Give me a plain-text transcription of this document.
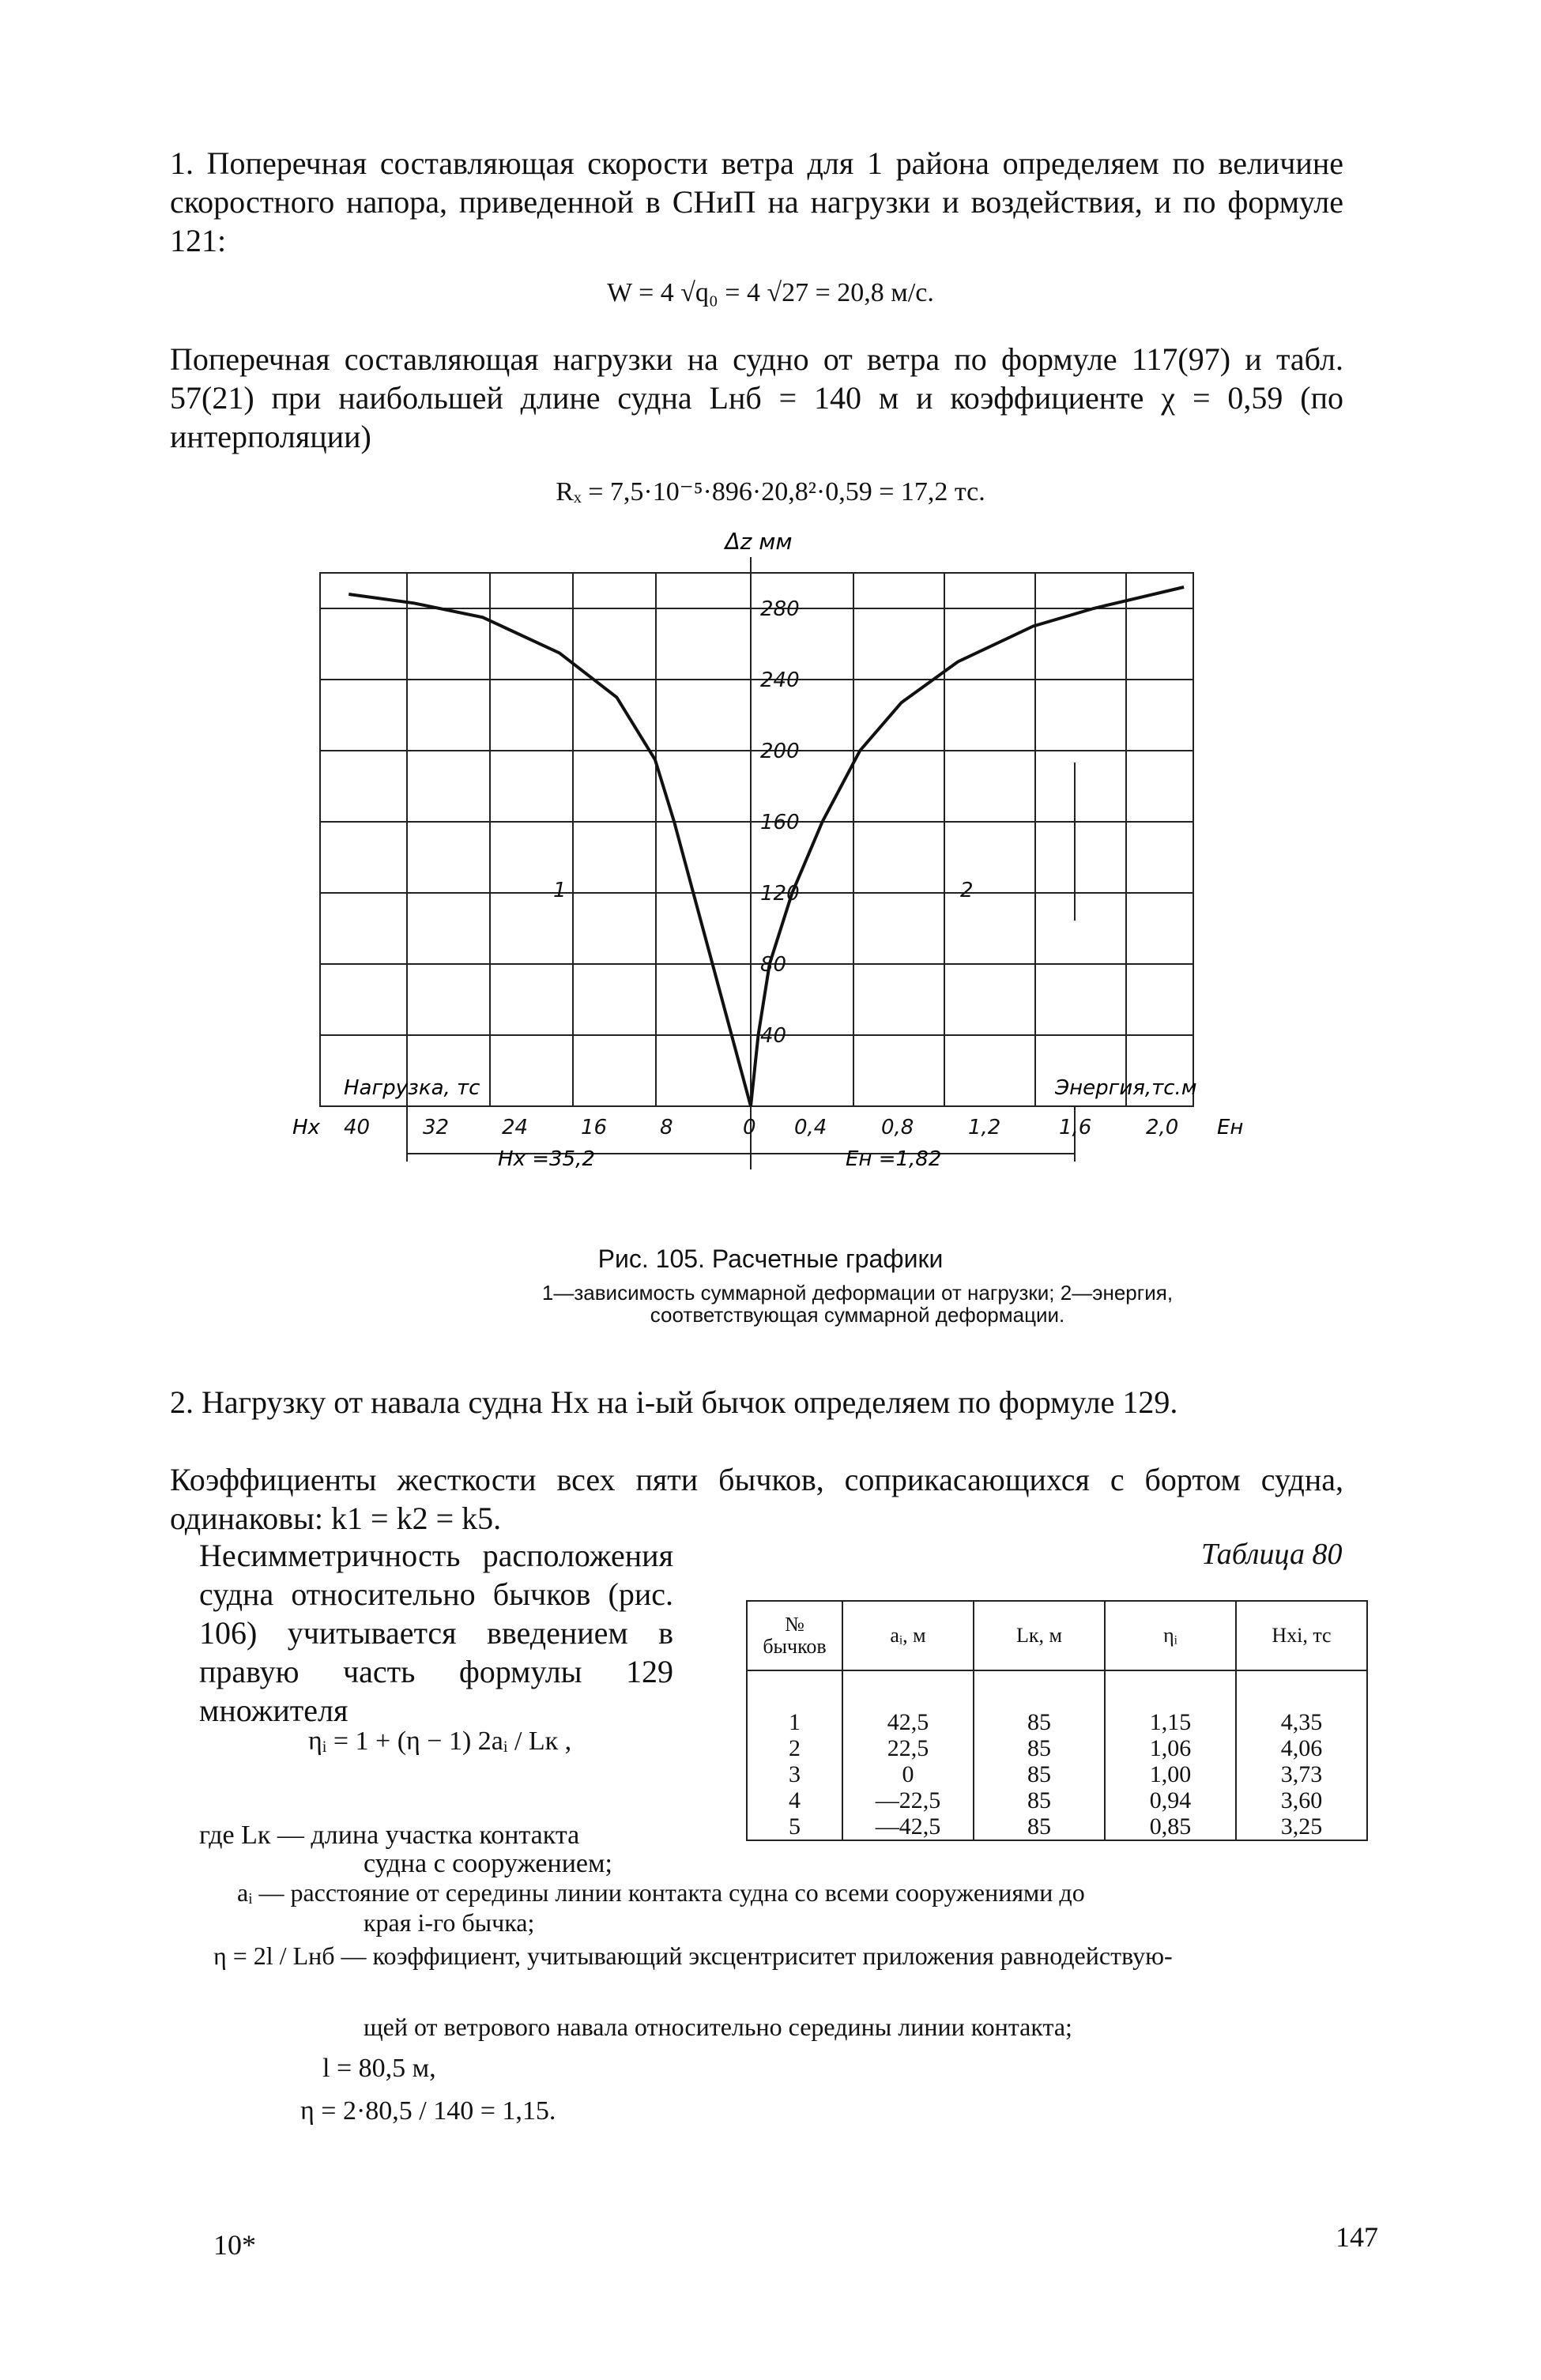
1. Поперечная составляющая скорости ветра для 1 района определяем по величине скоростного напора, приведенной в СНиП на нагрузки и воздействия, и по формуле 121:
W = 4 √q₀ = 4 √27 = 20,8 м/с.
Поперечная составляющая нагрузки на судно от ветра по формуле 117(97) и табл. 57(21) при наибольшей длине судна Lнб = 140 м и коэффициенте χ = 0,59 (по интерполяции)
Rₓ = 7,5·10⁻⁵·896·20,8²·0,59 = 17,2 тс.
1	2
280
240
200
160
120
80
40
40	32	24	16	8	0 0,4	0,8	1,2	1,6	2,0
Δz мм
Нагрузка, тс	Энергия,тс.м
Hx	Eн
Hx =35,2	Eн =1,82
Рис. 105. Расчетные графики
1—зависимость суммарной деформации от нагрузки; 2—энергия, соответствующая суммарной деформации.
2. Нагрузку от навала судна Hx на i-ый бычок определяем по формуле 129.
Коэффициенты жесткости всех пяти бычков, соприкасающихся с бортом судна, одинаковы: k1 = k2 = k5.
Несимметричность расположения судна относительно бычков (рис. 106) учитывается введением в правую часть формулы 129 множителя
ηᵢ = 1 + (η − 1) 2aᵢ / Lк ,
где Lк — длина участка контакта
судна с сооружением;
aᵢ — расстояние от середины линии контакта судна со всеми сооружениями до
края i-го бычка;
η = 2l / Lнб — коэффициент, учитывающий эксцентриситет приложения равнодействую-
щей от ветрового навала относительно середины линии контакта;
l = 80,5 м,
η = 2·80,5 / 140 = 1,15.
Таблица 80
№ бычков	aᵢ, м	Lк, м	ηᵢ	Hxi, тс
1	42,5	85	1,15	4,35
2	22,5	85	1,06	4,06
3	0	85	1,00	3,73
4	—22,5	85	0,94	3,60
5	—42,5	85	0,85	3,25
10*	147
